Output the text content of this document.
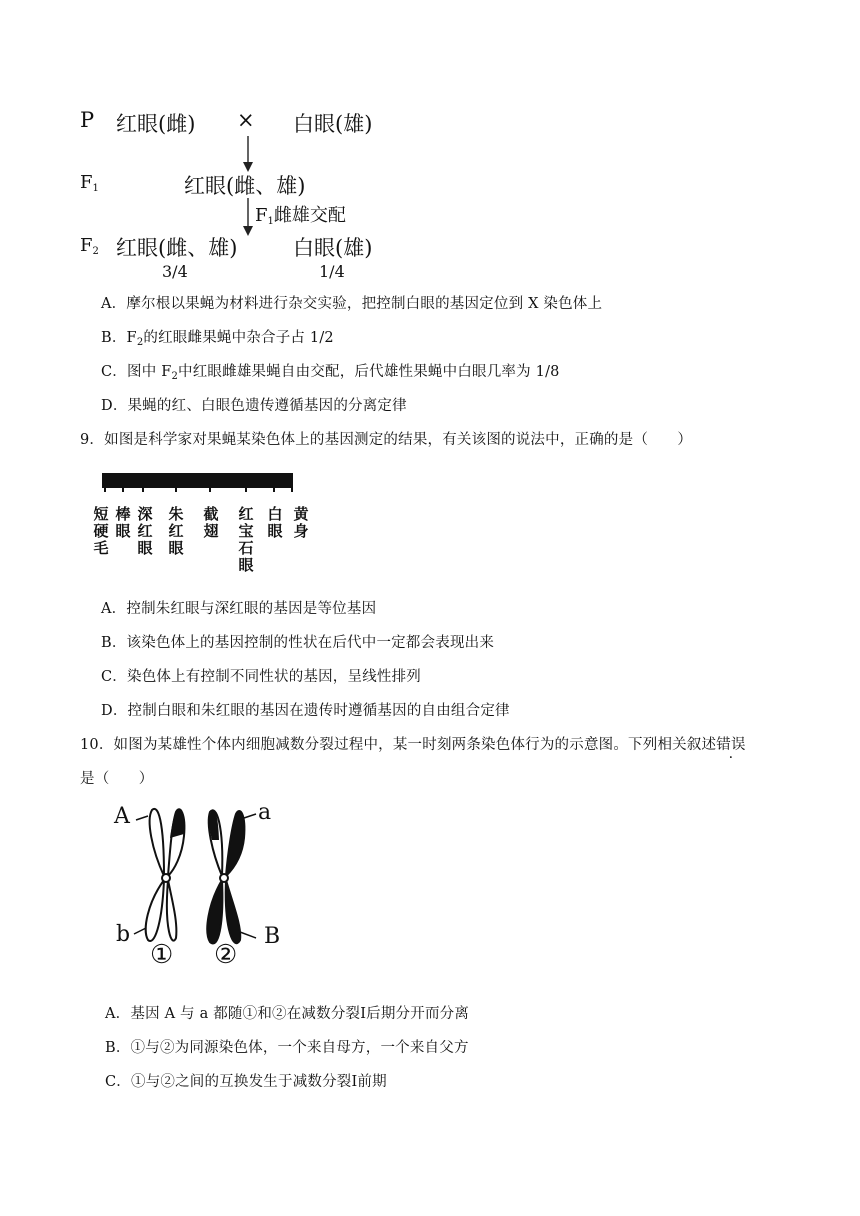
P 红眼(雌) × 白眼(雄)
$F_1$	红眼(雌、雄)
$F_1$雌雄交配
$F_2$ 红眼(雌、雄)	白眼(雄)
3/4	1/4
A．摩尔根以果蝇为材料进行杂交实验，把控制白眼的基因定位到 X 染色体上
B．$F_2$的红眼雌果蝇中杂合子占 1/2
C．图中 $F_2$中红眼雌雄果蝇自由交配，后代雄性果蝇中白眼几率为 1/8
D．果蝇的红、白眼色遗传遵循基因的分离定律
9．如图是科学家对果蝇某染色体上的基因测定的结果，有关该图的说法中，正确的是（　　）
短硬毛
棒眼
深红眼
朱红眼
截翅
红宝石眼
白眼
黄身
A．控制朱红眼与深红眼的基因是等位基因
B．该染色体上的基因控制的性状在后代中一定都会表现出来
C．染色体上有控制不同性状的基因，呈线性排列
D．控制白眼和朱红眼的基因在遗传时遵循基因的自由组合定律
10．如图为某雄性个体内细胞减数分裂过程中，某一时刻两条染色体行为的示意图。下列相关叙述错误
是（　　）
A	a
b	B
① ②
A．基因 A 与 a 都随①和②在减数分裂Ⅰ后期分开而分离
B．①与②为同源染色体，一个来自母方，一个来自父方
C．①与②之间的互换发生于减数分裂Ⅰ前期
